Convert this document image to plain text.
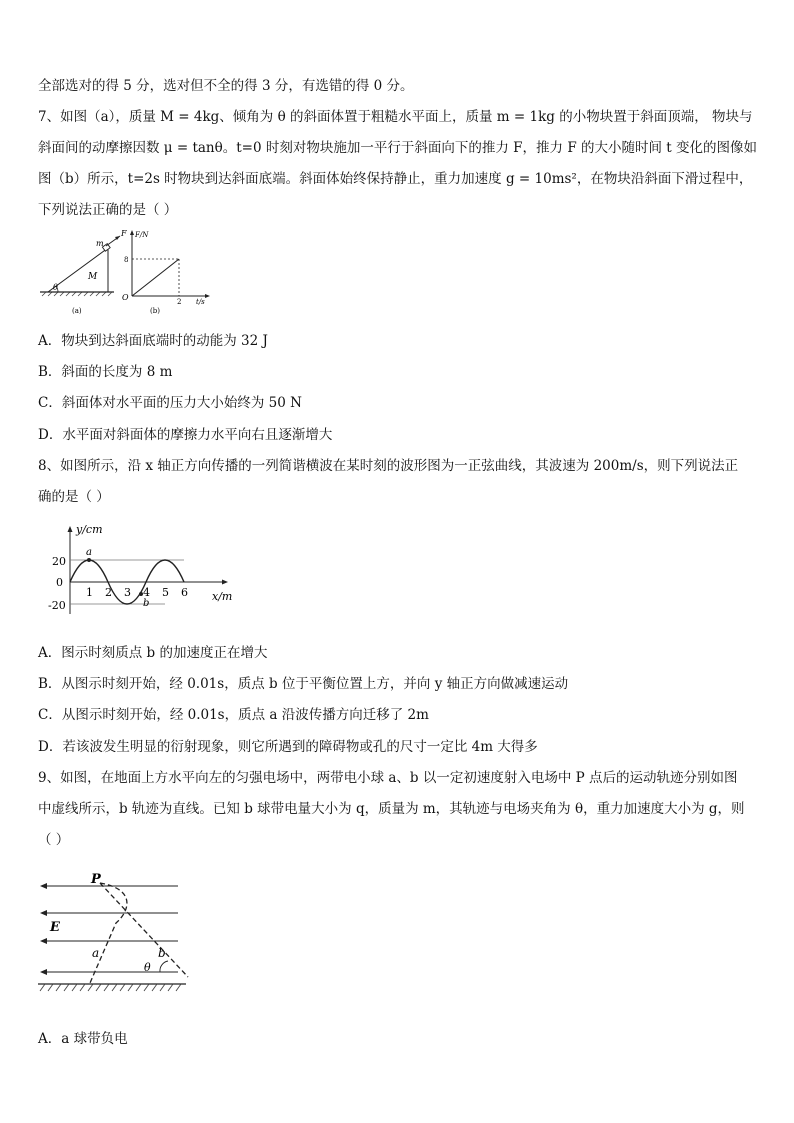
全部选对的得 5 分，选对但不全的得 3 分，有选错的得 0 分。
7、如图（a），质量 M = 4kg、倾角为 θ 的斜面体置于粗糙水平面上，质量 m = 1kg 的小物块置于斜面顶端， 物块与
斜面间的动摩擦因数 μ = tanθ。t=0 时刻对物块施加一平行于斜面向下的推力 F，推力 F 的大小随时间 t 变化的图像如
图（b）所示，t=2s 时物块到达斜面底端。斜面体始终保持静止，重力加速度 g = 10ms²，在物块沿斜面下滑过程中，
下列说法正确的是（ ）
θ
m
F
M
(a)
F/N
t/s
O
8
2
(b)
A．物块到达斜面底端时的动能为 32 J
B．斜面的长度为 8 m
C．斜面体对水平面的压力大小始终为 50 N
D．水平面对斜面体的摩擦力水平向右且逐渐增大
8、如图所示，沿 x 轴正方向传播的一列简谐横波在某时刻的波形图为一正弦曲线，其波速为 200m/s，则下列说法正
确的是（ ）
y/cm
x/m
20
0
-20
1 2 3 4 5 6
a
b
A．图示时刻质点 b 的加速度正在增大
B．从图示时刻开始，经 0.01s，质点 b 位于平衡位置上方，并向 y 轴正方向做减速运动
C．从图示时刻开始，经 0.01s，质点 a 沿波传播方向迁移了 2m
D．若该波发生明显的衍射现象，则它所遇到的障碍物或孔的尺寸一定比 4m 大得多
9、如图，在地面上方水平向左的匀强电场中，两带电小球 a、b 以一定初速度射入电场中 P 点后的运动轨迹分别如图
中虚线所示，b 轨迹为直线。已知 b 球带电量大小为 q，质量为 m，其轨迹与电场夹角为 θ，重力加速度大小为 g，则
（ ）
P
E
a	b
θ
A．a 球带负电
